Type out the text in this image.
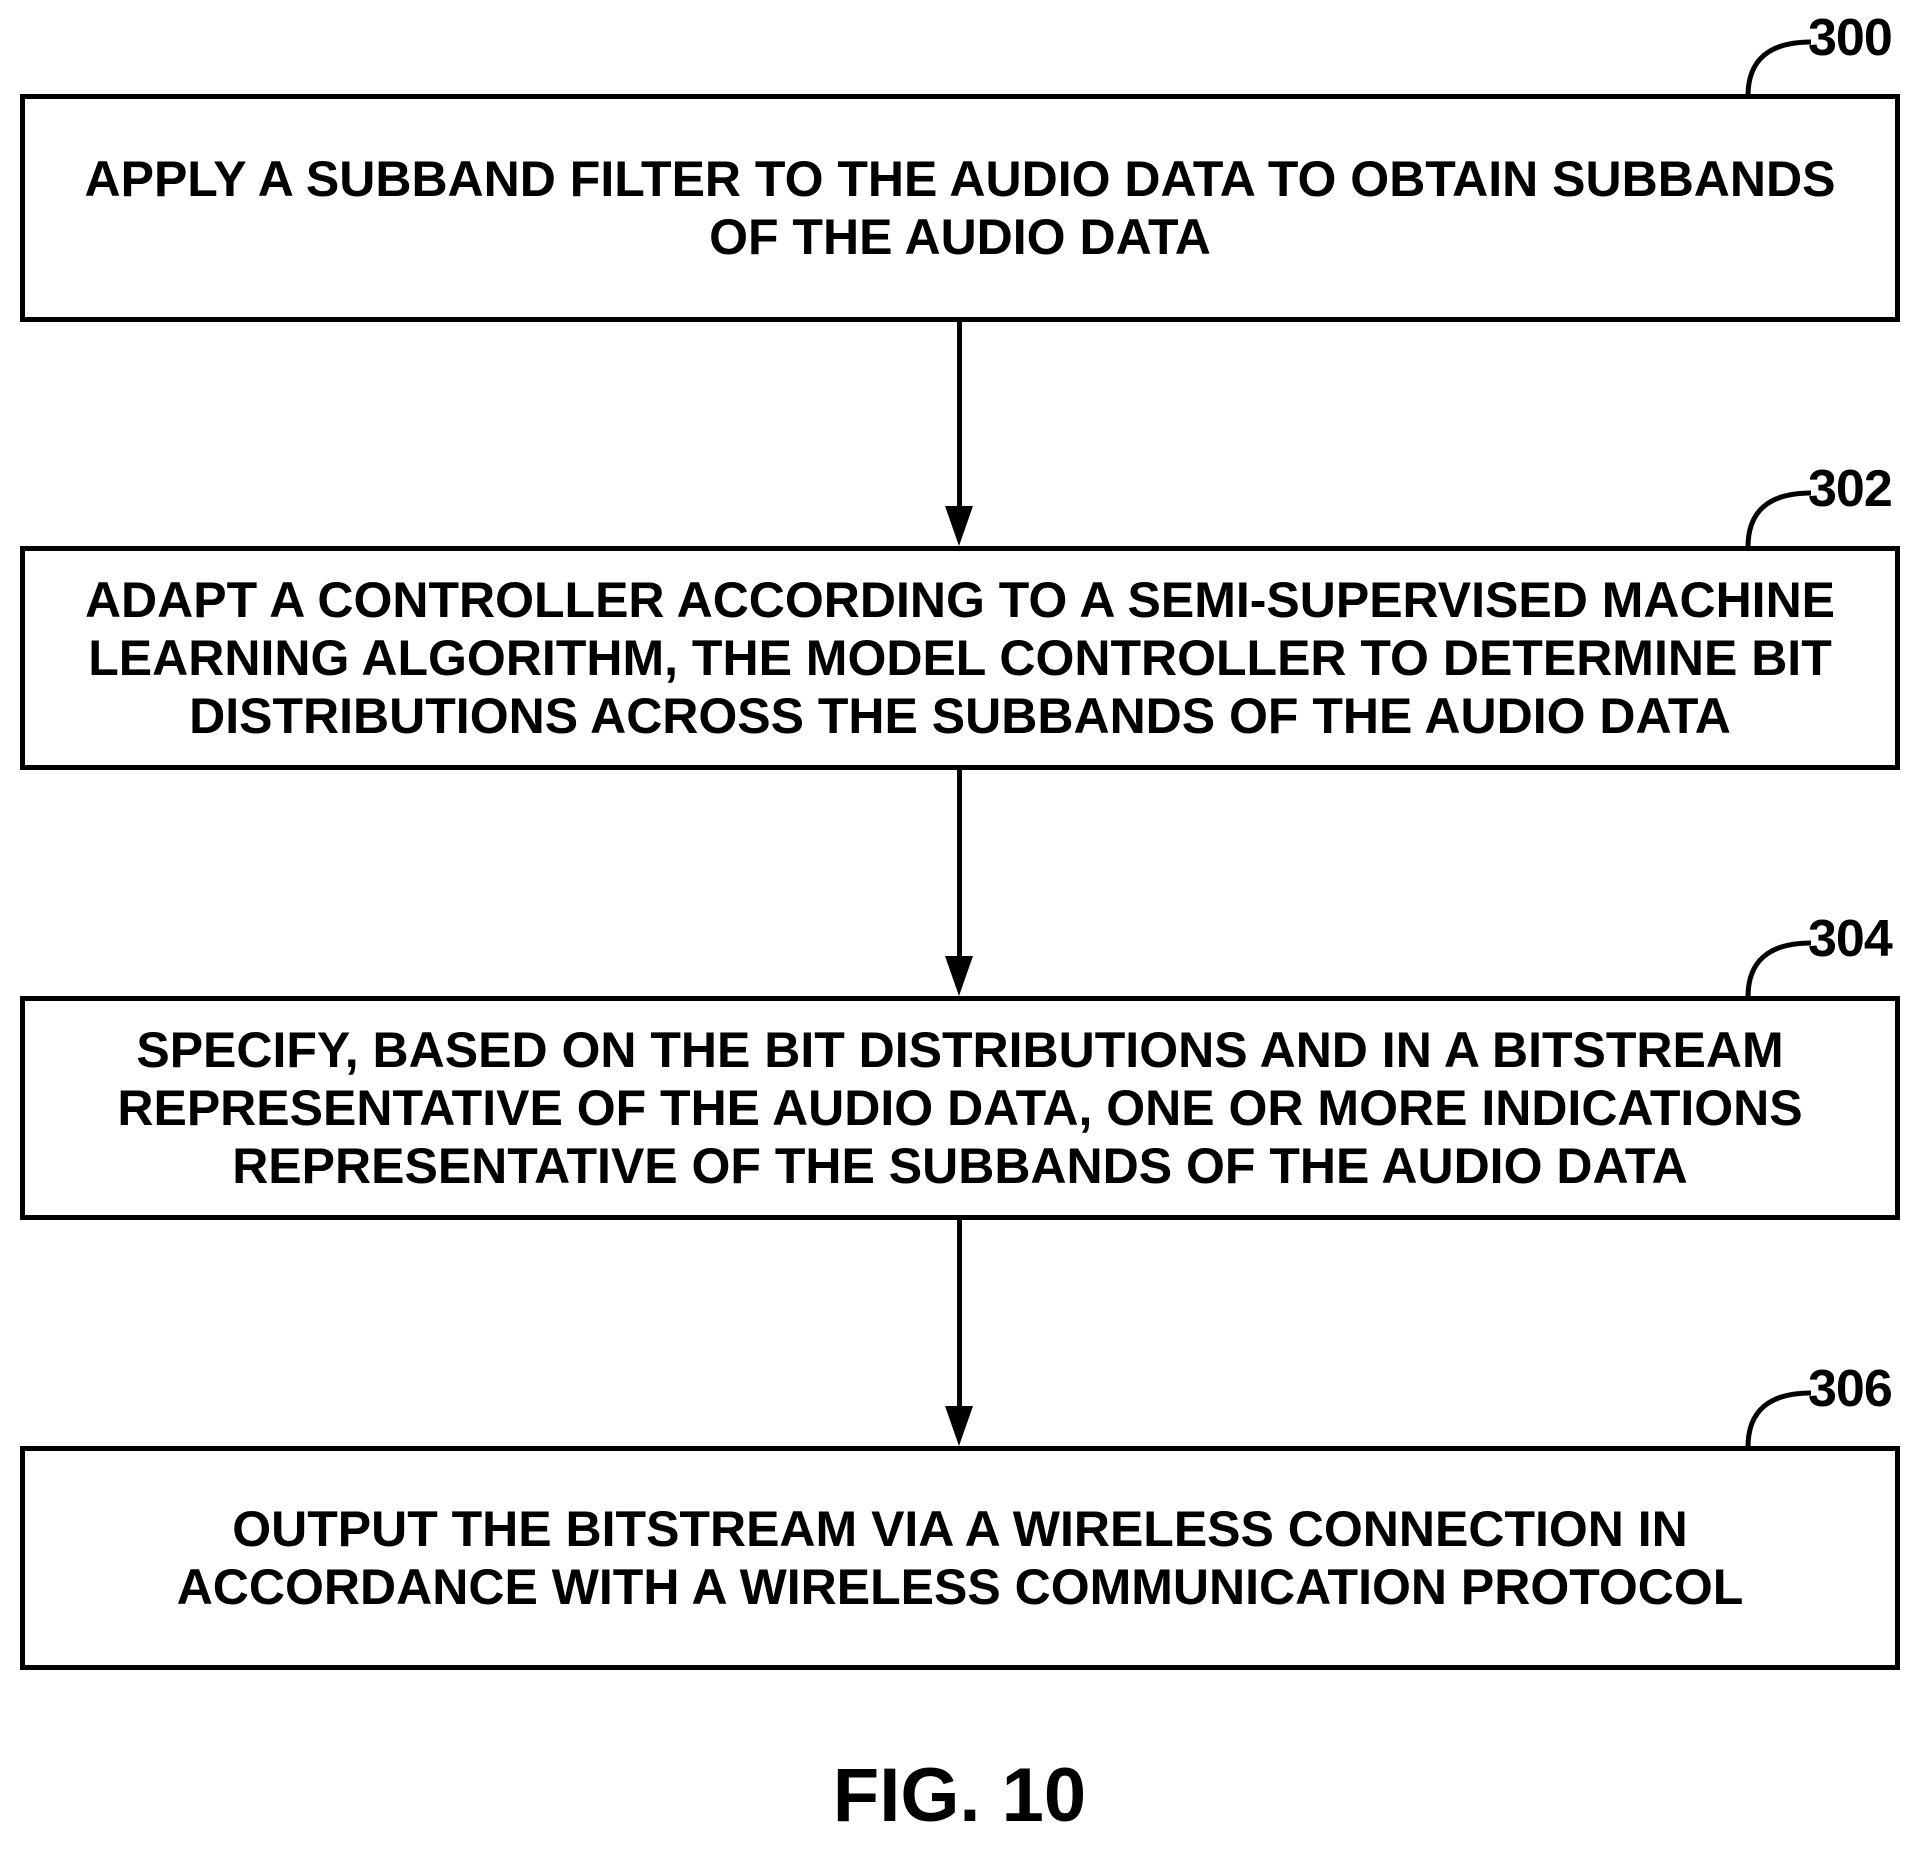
300
APPLY A SUBBAND FILTER TO THE AUDIO DATA TO OBTAIN SUBBANDS
OF THE AUDIO DATA
302
ADAPT A CONTROLLER ACCORDING TO A SEMI-SUPERVISED MACHINE
LEARNING ALGORITHM, THE MODEL CONTROLLER TO DETERMINE BIT
DISTRIBUTIONS ACROSS THE SUBBANDS OF THE AUDIO DATA
304
SPECIFY, BASED ON THE BIT DISTRIBUTIONS AND IN A BITSTREAM
REPRESENTATIVE OF THE AUDIO DATA, ONE OR MORE INDICATIONS
REPRESENTATIVE OF THE SUBBANDS OF THE AUDIO DATA
306
OUTPUT THE BITSTREAM VIA A WIRELESS CONNECTION IN
ACCORDANCE WITH A WIRELESS COMMUNICATION PROTOCOL
FIG. 10
